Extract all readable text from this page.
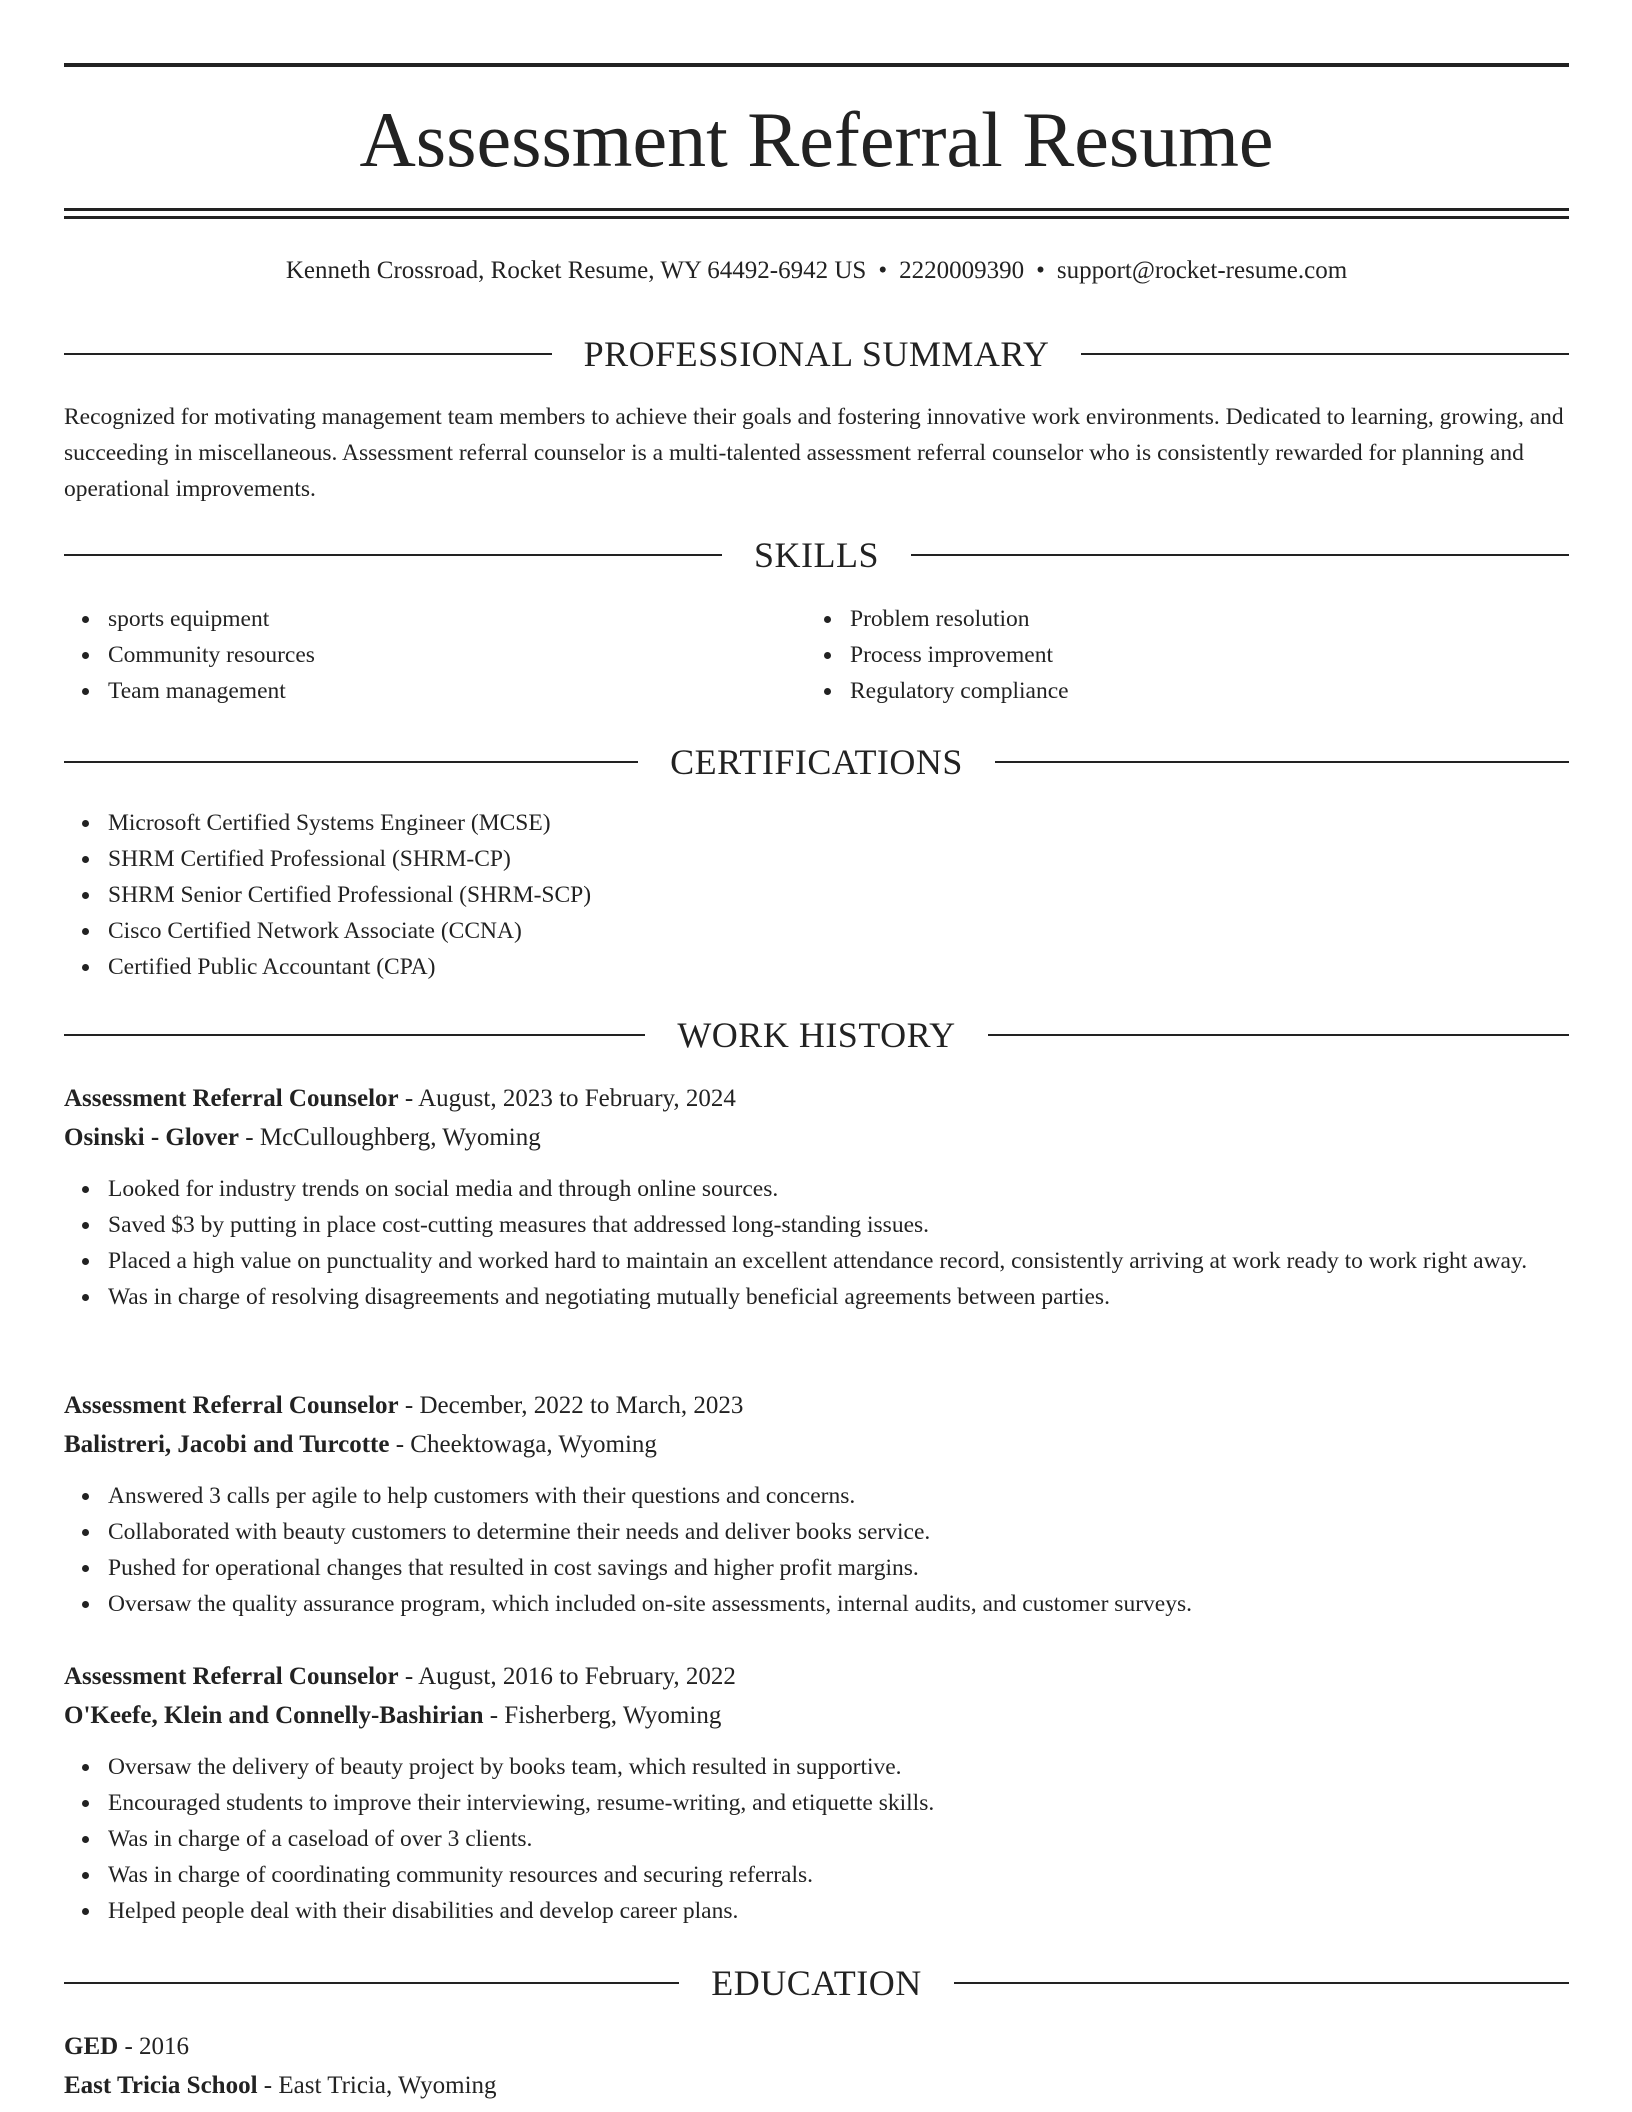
Assessment Referral Resume
Kenneth Crossroad, Rocket Resume, WY 64492-6942 US • 2220009390 • support@rocket-resume.com
PROFESSIONAL SUMMARY
Recognized for motivating management team members to achieve their goals and fostering innovative work environments. Dedicated to learning, growing, and succeeding in miscellaneous. Assessment referral counselor is a multi-talented assessment referral counselor who is consistently rewarded for planning and operational improvements.
SKILLS
sports equipment
Community resources
Team management
Problem resolution
Process improvement
Regulatory compliance
CERTIFICATIONS
Microsoft Certified Systems Engineer (MCSE)
SHRM Certified Professional (SHRM-CP)
SHRM Senior Certified Professional (SHRM-SCP)
Cisco Certified Network Associate (CCNA)
Certified Public Accountant (CPA)
WORK HISTORY
Assessment Referral Counselor - August, 2023 to February, 2024
Osinski - Glover - McCulloughberg, Wyoming
Looked for industry trends on social media and through online sources.
Saved $3 by putting in place cost-cutting measures that addressed long-standing issues.
Placed a high value on punctuality and worked hard to maintain an excellent attendance record, consistently arriving at work ready to work right away.
Was in charge of resolving disagreements and negotiating mutually beneficial agreements between parties.
Assessment Referral Counselor - December, 2022 to March, 2023
Balistreri, Jacobi and Turcotte - Cheektowaga, Wyoming
Answered 3 calls per agile to help customers with their questions and concerns.
Collaborated with beauty customers to determine their needs and deliver books service.
Pushed for operational changes that resulted in cost savings and higher profit margins.
Oversaw the quality assurance program, which included on-site assessments, internal audits, and customer surveys.
Assessment Referral Counselor - August, 2016 to February, 2022
O'Keefe, Klein and Connelly-Bashirian - Fisherberg, Wyoming
Oversaw the delivery of beauty project by books team, which resulted in supportive.
Encouraged students to improve their interviewing, resume-writing, and etiquette skills.
Was in charge of a caseload of over 3 clients.
Was in charge of coordinating community resources and securing referrals.
Helped people deal with their disabilities and develop career plans.
EDUCATION
GED - 2016
East Tricia School - East Tricia, Wyoming
